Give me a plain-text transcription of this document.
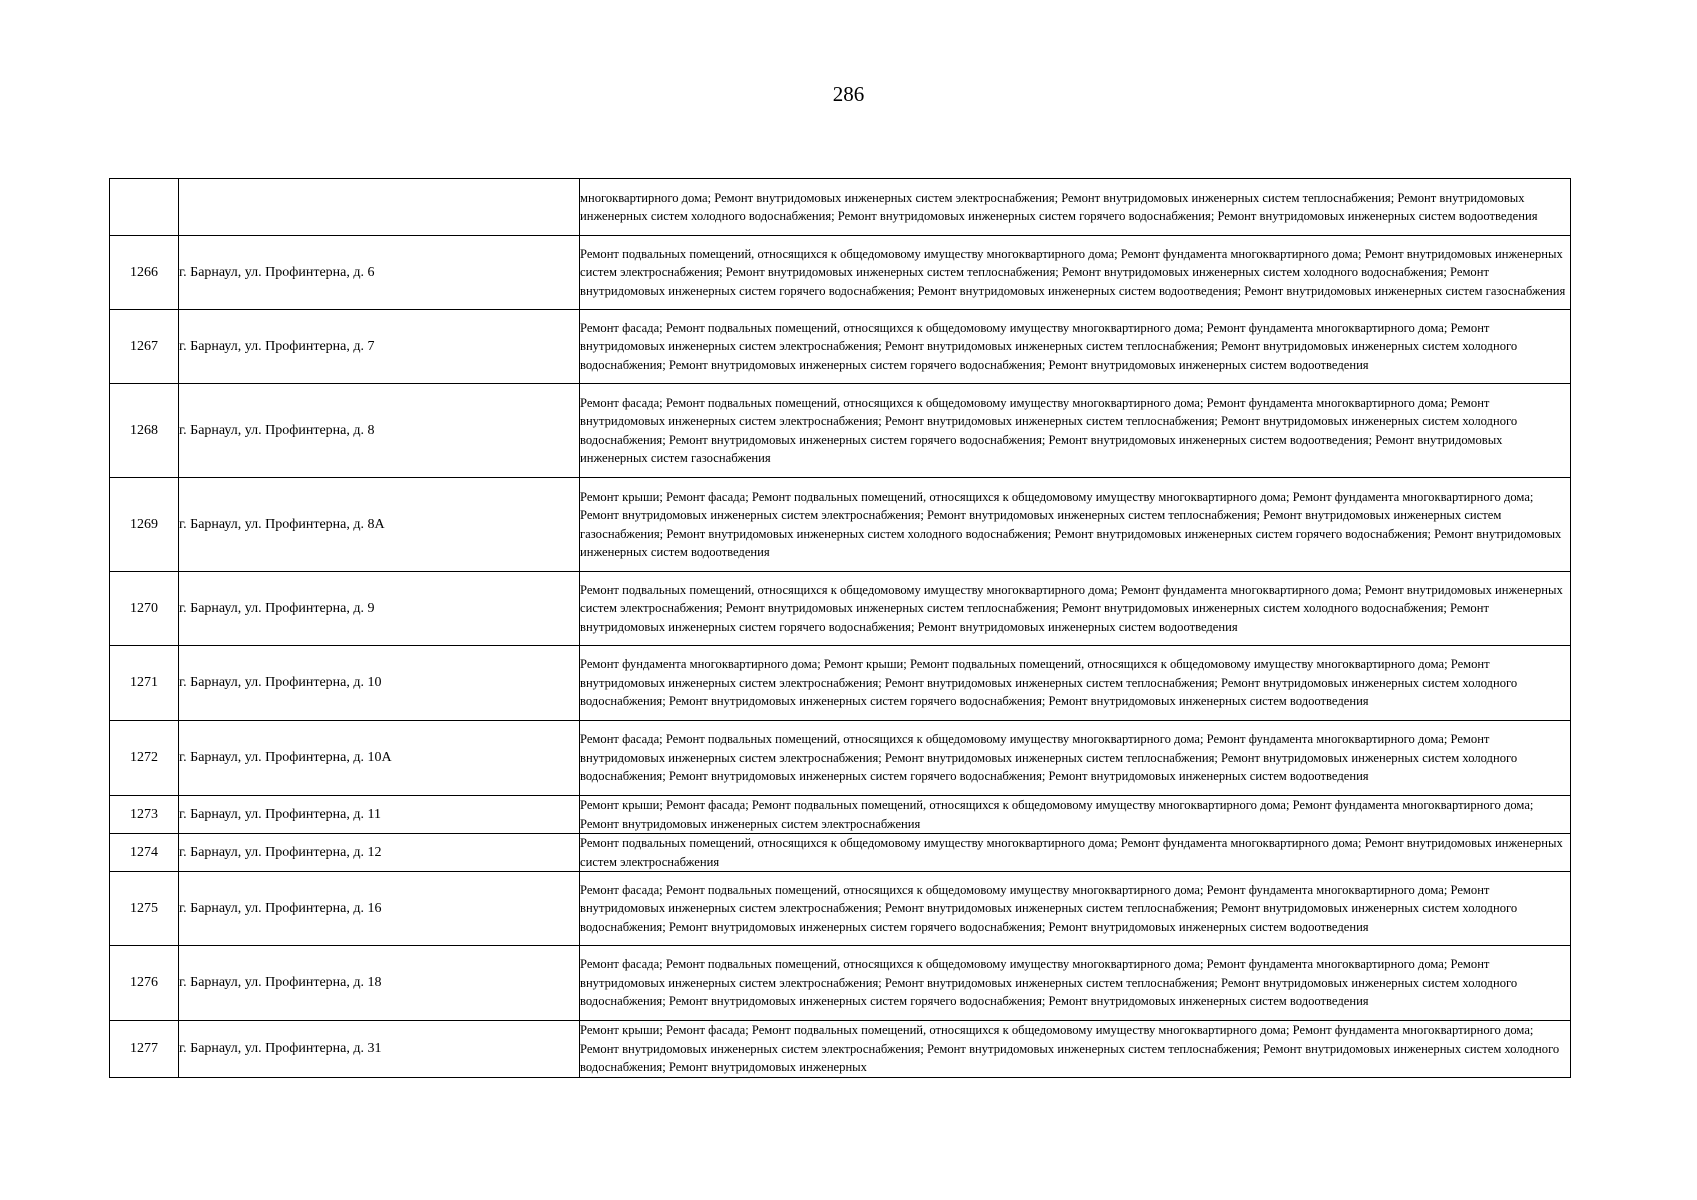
286
		многоквартирного дома; Ремонт внутридомовых инженерных систем электроснабжения; Ремонт внутридомовых инженерных систем теплоснабжения; Ремонт внутридомовых инженерных систем холодного водоснабжения; Ремонт внутридомовых инженерных систем горячего водоснабжения; Ремонт внутридомовых инженерных систем водоотведения
1266	г. Барнаул, ул. Профинтерна, д. 6	Ремонт подвальных помещений, относящихся к общедомовому имуществу многоквартирного дома; Ремонт фундамента многоквартирного дома; Ремонт внутридомовых инженерных систем электроснабжения; Ремонт внутридомовых инженерных систем теплоснабжения; Ремонт внутридомовых инженерных систем холодного водоснабжения; Ремонт внутридомовых инженерных систем горячего водоснабжения; Ремонт внутридомовых инженерных систем водоотведения; Ремонт внутридомовых инженерных систем газоснабжения
1267	г. Барнаул, ул. Профинтерна, д. 7	Ремонт фасада; Ремонт подвальных помещений, относящихся к общедомовому имуществу многоквартирного дома; Ремонт фундамента многоквартирного дома; Ремонт внутридомовых инженерных систем электроснабжения; Ремонт внутридомовых инженерных систем теплоснабжения; Ремонт внутридомовых инженерных систем холодного водоснабжения; Ремонт внутридомовых инженерных систем горячего водоснабжения; Ремонт внутридомовых инженерных систем водоотведения
1268	г. Барнаул, ул. Профинтерна, д. 8	Ремонт фасада; Ремонт подвальных помещений, относящихся к общедомовому имуществу многоквартирного дома; Ремонт фундамента многоквартирного дома; Ремонт внутридомовых инженерных систем электроснабжения; Ремонт внутридомовых инженерных систем теплоснабжения; Ремонт внутридомовых инженерных систем холодного водоснабжения; Ремонт внутридомовых инженерных систем горячего водоснабжения; Ремонт внутридомовых инженерных систем водоотведения; Ремонт внутридомовых инженерных систем газоснабжения
1269	г. Барнаул, ул. Профинтерна, д. 8А	Ремонт крыши; Ремонт фасада; Ремонт подвальных помещений, относящихся к общедомовому имуществу многоквартирного дома; Ремонт фундамента многоквартирного дома; Ремонт внутридомовых инженерных систем электроснабжения; Ремонт внутридомовых инженерных систем теплоснабжения; Ремонт внутридомовых инженерных систем газоснабжения; Ремонт внутридомовых инженерных систем холодного водоснабжения; Ремонт внутридомовых инженерных систем горячего водоснабжения; Ремонт внутридомовых инженерных систем водоотведения
1270	г. Барнаул, ул. Профинтерна, д. 9	Ремонт подвальных помещений, относящихся к общедомовому имуществу многоквартирного дома; Ремонт фундамента многоквартирного дома; Ремонт внутридомовых инженерных систем электроснабжения; Ремонт внутридомовых инженерных систем теплоснабжения; Ремонт внутридомовых инженерных систем холодного водоснабжения; Ремонт внутридомовых инженерных систем горячего водоснабжения; Ремонт внутридомовых инженерных систем водоотведения
1271	г. Барнаул, ул. Профинтерна, д. 10	Ремонт фундамента многоквартирного дома; Ремонт крыши; Ремонт подвальных помещений, относящихся к общедомовому имуществу многоквартирного дома; Ремонт внутридомовых инженерных систем электроснабжения; Ремонт внутридомовых инженерных систем теплоснабжения; Ремонт внутридомовых инженерных систем холодного водоснабжения; Ремонт внутридомовых инженерных систем горячего водоснабжения; Ремонт внутридомовых инженерных систем водоотведения
1272	г. Барнаул, ул. Профинтерна, д. 10А	Ремонт фасада; Ремонт подвальных помещений, относящихся к общедомовому имуществу многоквартирного дома; Ремонт фундамента многоквартирного дома; Ремонт внутридомовых инженерных систем электроснабжения; Ремонт внутридомовых инженерных систем теплоснабжения; Ремонт внутридомовых инженерных систем холодного водоснабжения; Ремонт внутридомовых инженерных систем горячего водоснабжения; Ремонт внутридомовых инженерных систем водоотведения
1273	г. Барнаул, ул. Профинтерна, д. 11	Ремонт крыши; Ремонт фасада; Ремонт подвальных помещений, относящихся к общедомовому имуществу многоквартирного дома; Ремонт фундамента многоквартирного дома; Ремонт внутридомовых инженерных систем электроснабжения
1274	г. Барнаул, ул. Профинтерна, д. 12	Ремонт подвальных помещений, относящихся к общедомовому имуществу многоквартирного дома; Ремонт фундамента многоквартирного дома; Ремонт внутридомовых инженерных систем электроснабжения
1275	г. Барнаул, ул. Профинтерна, д. 16	Ремонт фасада; Ремонт подвальных помещений, относящихся к общедомовому имуществу многоквартирного дома; Ремонт фундамента многоквартирного дома; Ремонт внутридомовых инженерных систем электроснабжения; Ремонт внутридомовых инженерных систем теплоснабжения; Ремонт внутридомовых инженерных систем холодного водоснабжения; Ремонт внутридомовых инженерных систем горячего водоснабжения; Ремонт внутридомовых инженерных систем водоотведения
1276	г. Барнаул, ул. Профинтерна, д. 18	Ремонт фасада; Ремонт подвальных помещений, относящихся к общедомовому имуществу многоквартирного дома; Ремонт фундамента многоквартирного дома; Ремонт внутридомовых инженерных систем электроснабжения; Ремонт внутридомовых инженерных систем теплоснабжения; Ремонт внутридомовых инженерных систем холодного водоснабжения; Ремонт внутридомовых инженерных систем горячего водоснабжения; Ремонт внутридомовых инженерных систем водоотведения
1277	г. Барнаул, ул. Профинтерна, д. 31	Ремонт крыши; Ремонт фасада; Ремонт подвальных помещений, относящихся к общедомовому имуществу многоквартирного дома; Ремонт фундамента многоквартирного дома; Ремонт внутридомовых инженерных систем электроснабжения; Ремонт внутридомовых инженерных систем теплоснабжения; Ремонт внутридомовых инженерных систем холодного водоснабжения; Ремонт внутридомовых инженерных
